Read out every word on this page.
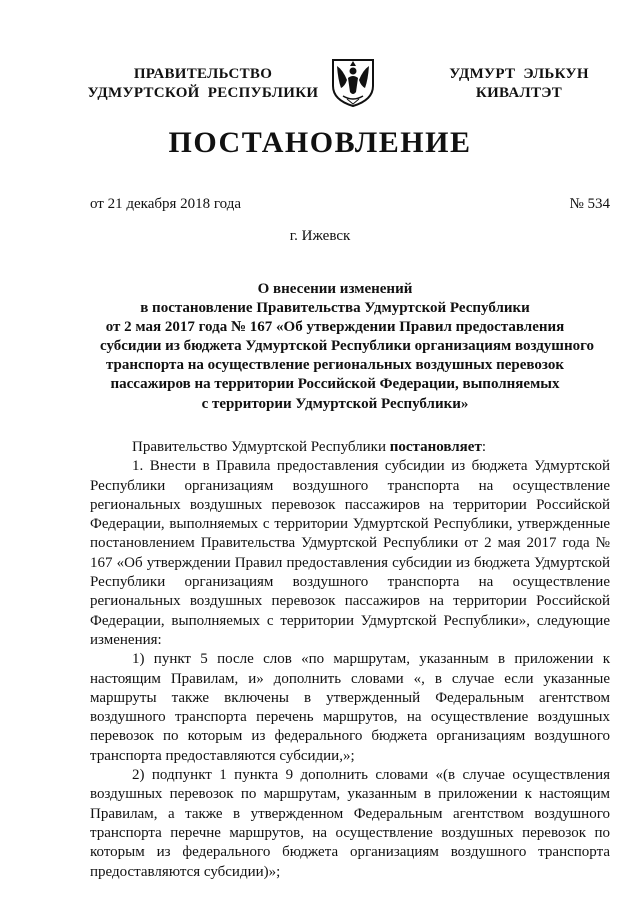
ПРАВИТЕЛЬСТВО
УДМУРТСКОЙ  РЕСПУБЛИКИ
УДМУРТ  ЭЛЬКУН
КИВАЛТЭТ
ПОСТАНОВЛЕНИЕ
от 21 декабря 2018 года	№ 534
г. Ижевск
О внесении изменений
в постановление Правительства Удмуртской Республики
от 2 мая 2017 года № 167 «Об утверждении Правил предоставления
субсидии из бюджета Удмуртской Республики организациям воздушного
транспорта на осуществление региональных воздушных перевозок
пассажиров на территории Российской Федерации, выполняемых
с территории Удмуртской Республики»

Правительство Удмуртской Республики постановляет:

1. Внести в Правила предоставления субсидии из бюджета Удмуртской Республики организациям воздушного транспорта на осуществление региональных воздушных перевозок пассажиров на территории Российской Федерации, выполняемых с территории Удмуртской Республики, утвержденные постановлением Правительства Удмуртской Республики от 2 мая 2017 года № 167 «Об утверждении Правил предоставления субсидии из бюджета Удмуртской Республики организациям воздушного транспорта на осуществление региональных воздушных перевозок пассажиров на территории Российской Федерации, выполняемых с территории Удмуртской Республики», следующие изменения:

1) пункт 5 после слов «по маршрутам, указанным в приложении к настоящим Правилам, и» дополнить словами «, в случае если указанные маршруты также включены в утвержденный Федеральным агентством воздушного транспорта перечень маршрутов, на осуществление воздушных перевозок по которым из федерального бюджета организациям воздушного транспорта предоставляются субсидии,»;

2) подпункт 1 пункта 9 дополнить словами «(в случае осуществления воздушных перевозок по маршрутам, указанным в приложении к настоящим Правилам, а также в утвержденном Федеральным агентством воздушного транспорта перечне маршрутов, на осуществление воздушных перевозок по которым из федерального бюджета организациям воздушного транспорта предоставляются субсидии)»;
